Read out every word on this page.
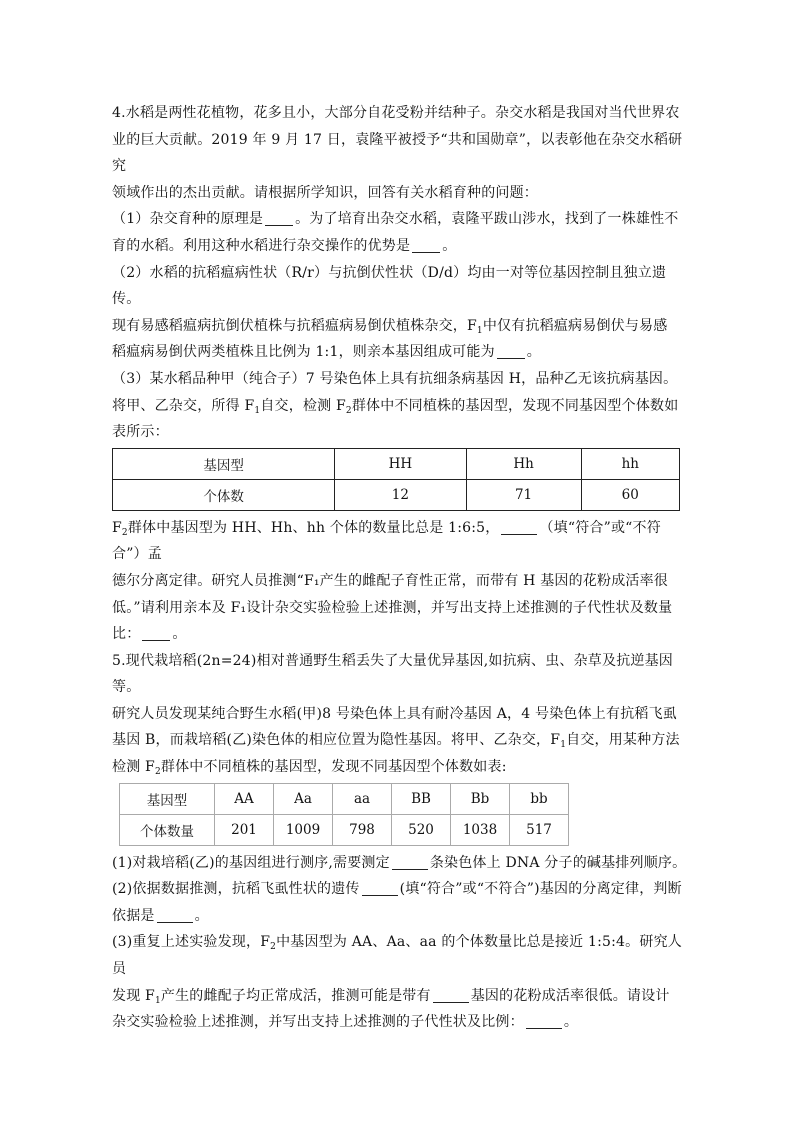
4.水稻是两性花植物，花多且小，大部分自花受粉并结种子。杂交水稻是我国对当代世界农

业的巨大贡献。2019 年 9 月 17 日，袁隆平被授予“共和国勋章”，以表彰他在杂交水稻研究

领域作出的杰出贡献。请根据所学知识，回答有关水稻育种的问题：

（1）杂交育种的原理是 。为了培育出杂交水稻，袁隆平跋山涉水，找到了一株雄性不

育的水稻。利用这种水稻进行杂交操作的优势是 。

（2）水稻的抗稻瘟病性状（R/r）与抗倒伏性状（D/d）均由一对等位基因控制且独立遗传。

现有易感稻瘟病抗倒伏植株与抗稻瘟病易倒伏植株杂交，$F_1$中仅有抗稻瘟病易倒伏与易感

稻瘟病易倒伏两类植株且比例为 1:1，则亲本基因组成可能为 。

（3）某水稻品种甲（纯合子）7 号染色体上具有抗细条病基因 H，品种乙无该抗病基因。

将甲、乙杂交，所得 $F_1$自交，检测 $F_2$群体中不同植株的基因型，发现不同基因型个体数如

表所示：

基因型	HH	Hh	hh
个体数	12	71	60

$F_2$群体中基因型为 HH、Hh、hh 个体的数量比总是 1:6:5，	（填“符合”或“不符合”）孟

德尔分离定律。研究人员推测“F₁产生的雌配子育性正常，而带有 H 基因的花粉成活率很

低。”请利用亲本及 F₁设计杂交实验检验上述推测，并写出支持上述推测的子代性状及数量

比： 。

5.现代栽培稻(2n=24)相对普通野生稻丢失了大量优异基因,如抗病、虫、杂草及抗逆基因等。

研究人员发现某纯合野生水稻(甲)8 号染色体上具有耐冷基因 A，4 号染色体上有抗稻飞虱

基因 B，而栽培稻(乙)染色体的相应位置为隐性基因。将甲、乙杂交，$F_1$自交，用某种方法

检测 $F_2$群体中不同植株的基因型，发现不同基因型个体数如表:

基因型	AA	Aa	aa	BB	Bb	bb
个体数量	201	1009	798	520	1038	517

(1)对栽培稻(乙)的基因组进行测序,需要测定	条染色体上 DNA 分子的碱基排列顺序。

(2)依据数据推测，抗稻飞虱性状的遗传	(填“符合”或“不符合”)基因的分离定律，判断

依据是	。

(3)重复上述实验发现，$F_2$中基因型为 AA、Aa、aa 的个体数量比总是接近 1:5:4。研究人员

发现 $F_1$产生的雌配子均正常成活，推测可能是带有	基因的花粉成活率很低。请设计

杂交实验检验上述推测，并写出支持上述推测的子代性状及比例：	。
